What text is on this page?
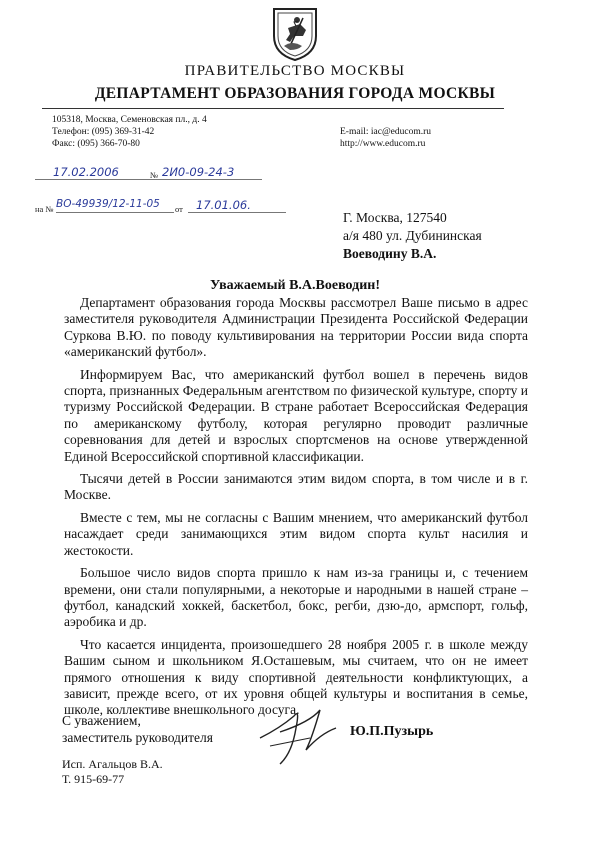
ПРАВИТЕЛЬСТВО МОСКВЫ
ДЕПАРТАМЕНТ ОБРАЗОВАНИЯ ГОРОДА МОСКВЫ
105318, Москва, Семеновская пл., д. 4
Телефон: (095) 369-31-42
Факс: (095) 366-70-80
E-mail: iac@educom.ru
http://www.educom.ru
17.02.2006	№ 2И0-09-24-3
на № ВО-49939/12-11-05	от	17.01.06.
Г. Москва, 127540
а/я 480 ул. Дубининская
Воеводину В.А.
Уважаемый В.А.Воеводин!

Департамент образования города Москвы рассмотрел Ваше письмо в адрес заместителя руководителя Администрации Президента Российской Федерации Суркова В.Ю. по поводу культивирования на территории России вида спорта «американский футбол».

Информируем Вас, что американский футбол вошел в перечень видов спорта, признанных Федеральным агентством по физической культуре, спорту и туризму Российской Федерации. В стране работает Всероссийская Федерация по американскому футболу, которая регулярно проводит различные соревнования для детей и взрослых спортсменов на основе утвержденной Единой Всероссийской спортивной классификации.

Тысячи детей в России занимаются этим видом спорта, в том числе и в г. Москве.

Вместе с тем, мы не согласны с Вашим мнением, что американский футбол насаждает среди занимающихся этим видом спорта культ насилия и жестокости.

Большое число видов спорта пришло к нам из-за границы и, с течением времени, они стали популярными, а некоторые и народными в нашей стране – футбол, канадский хоккей, баскетбол, бокс, регби, дзю-до, армспорт, гольф, аэробика и др.

Что касается инцидента, произошедшего 28 ноября 2005 г. в школе между Вашим сыном и школьником Я.Осташевым, мы считаем, что он не имеет прямого отношения к виду спортивной деятельности конфликтующих, а зависит, прежде всего, от их уровня общей культуры и воспитания в семье, школе, коллективе внешкольного досуга.

С уважением,
заместитель руководителя	Ю.П.Пузырь
Исп. Агальцов В.А.
Т. 915-69-77
